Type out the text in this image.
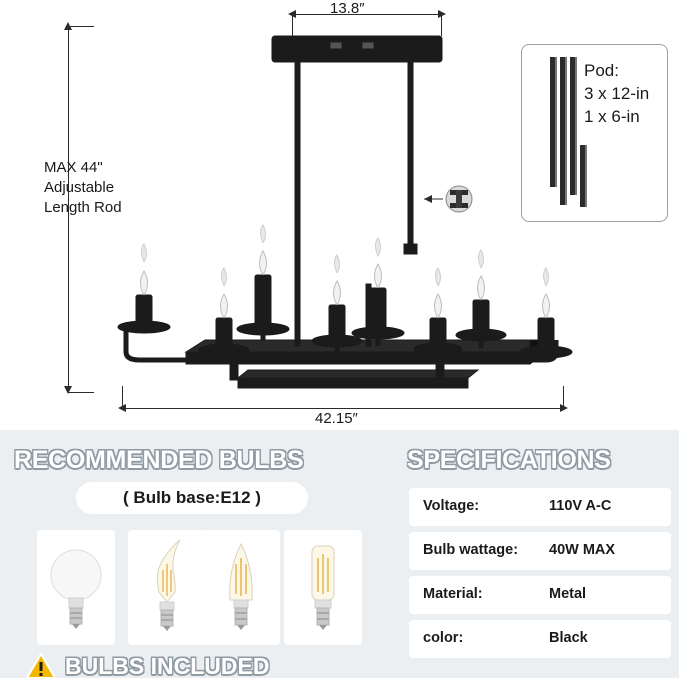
13.8″
MAX 44"
Adjustable
Length Rod
42.15″
Pod:
3 x 12-in
1 x 6-in
RECOMMENDED BULBS
( Bulb base:E12 )
BULBS INCLUDED
SPECIFICATIONS
Voltage:	110V A-C
Bulb wattage: 40W MAX
Material:	Metal
color:	Black
